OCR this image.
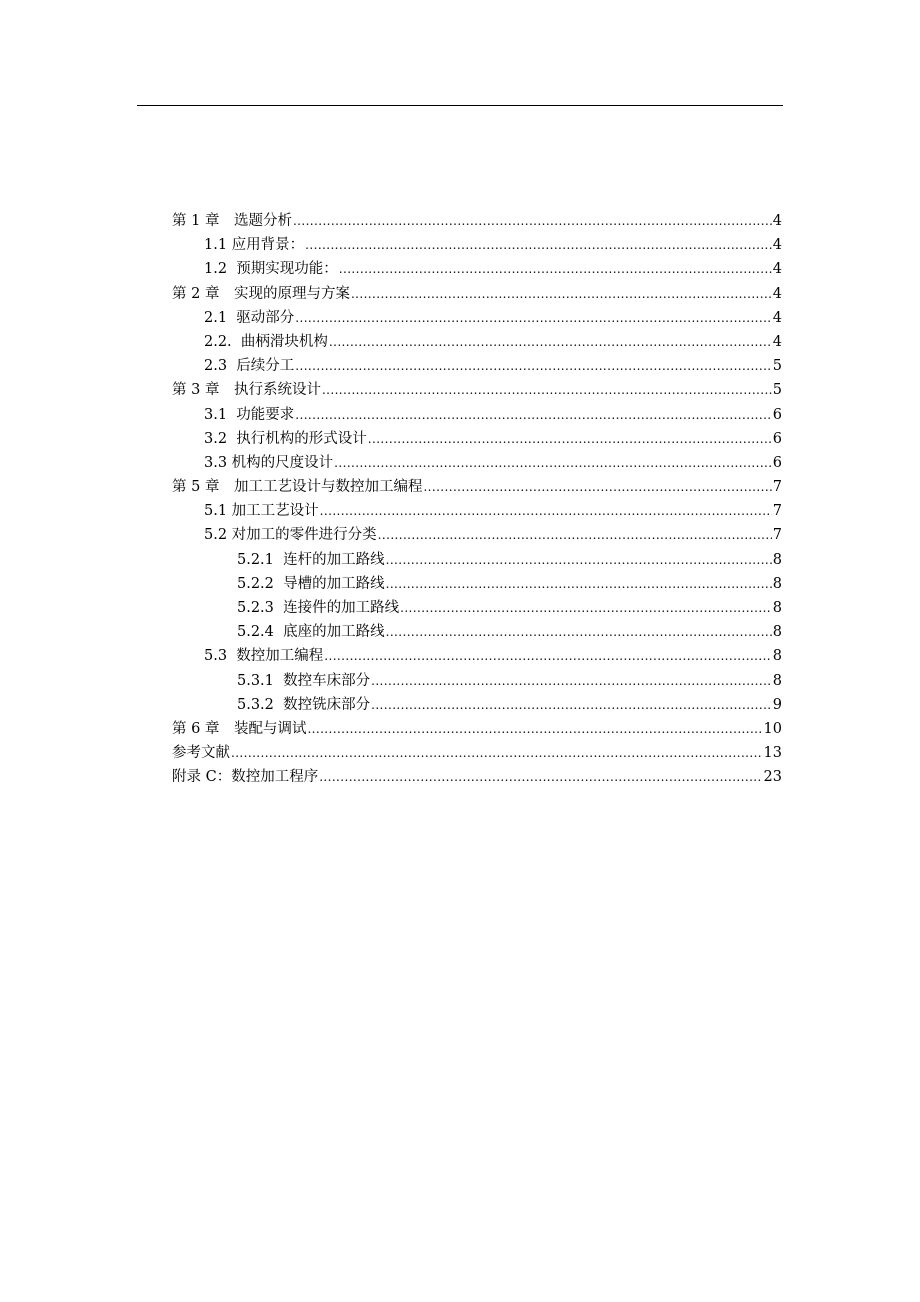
第 1 章　选题分析 .....	4
1.1 应用背景： .....	4
1.2  预期实现功能： .....	4
第 2 章　实现的原理与方案 .....	4
2.1  驱动部分 .....	4
2.2.  曲柄滑块机构 .....	4
2.3  后续分工 .....	5
第 3 章　执行系统设计 .....	5
3.1  功能要求 .....	6
3.2  执行机构的形式设计 .....	6
3.3 机构的尺度设计 .....	6
第 5 章　加工工艺设计与数控加工编程 .....	7
5.1 加工工艺设计 .....	7
5.2 对加工的零件进行分类 .....	7
5.2.1  连杆的加工路线 .....	8
5.2.2  导槽的加工路线 .....	8
5.2.3  连接件的加工路线 .....	8
5.2.4  底座的加工路线 .....	8
5.3  数控加工编程 .....	8
5.3.1  数控车床部分 .....	8
5.3.2  数控铣床部分 .....	9
第 6 章　装配与调试 .....	10
参考文献 .....	13
附录 C：数控加工程序 .....	23
